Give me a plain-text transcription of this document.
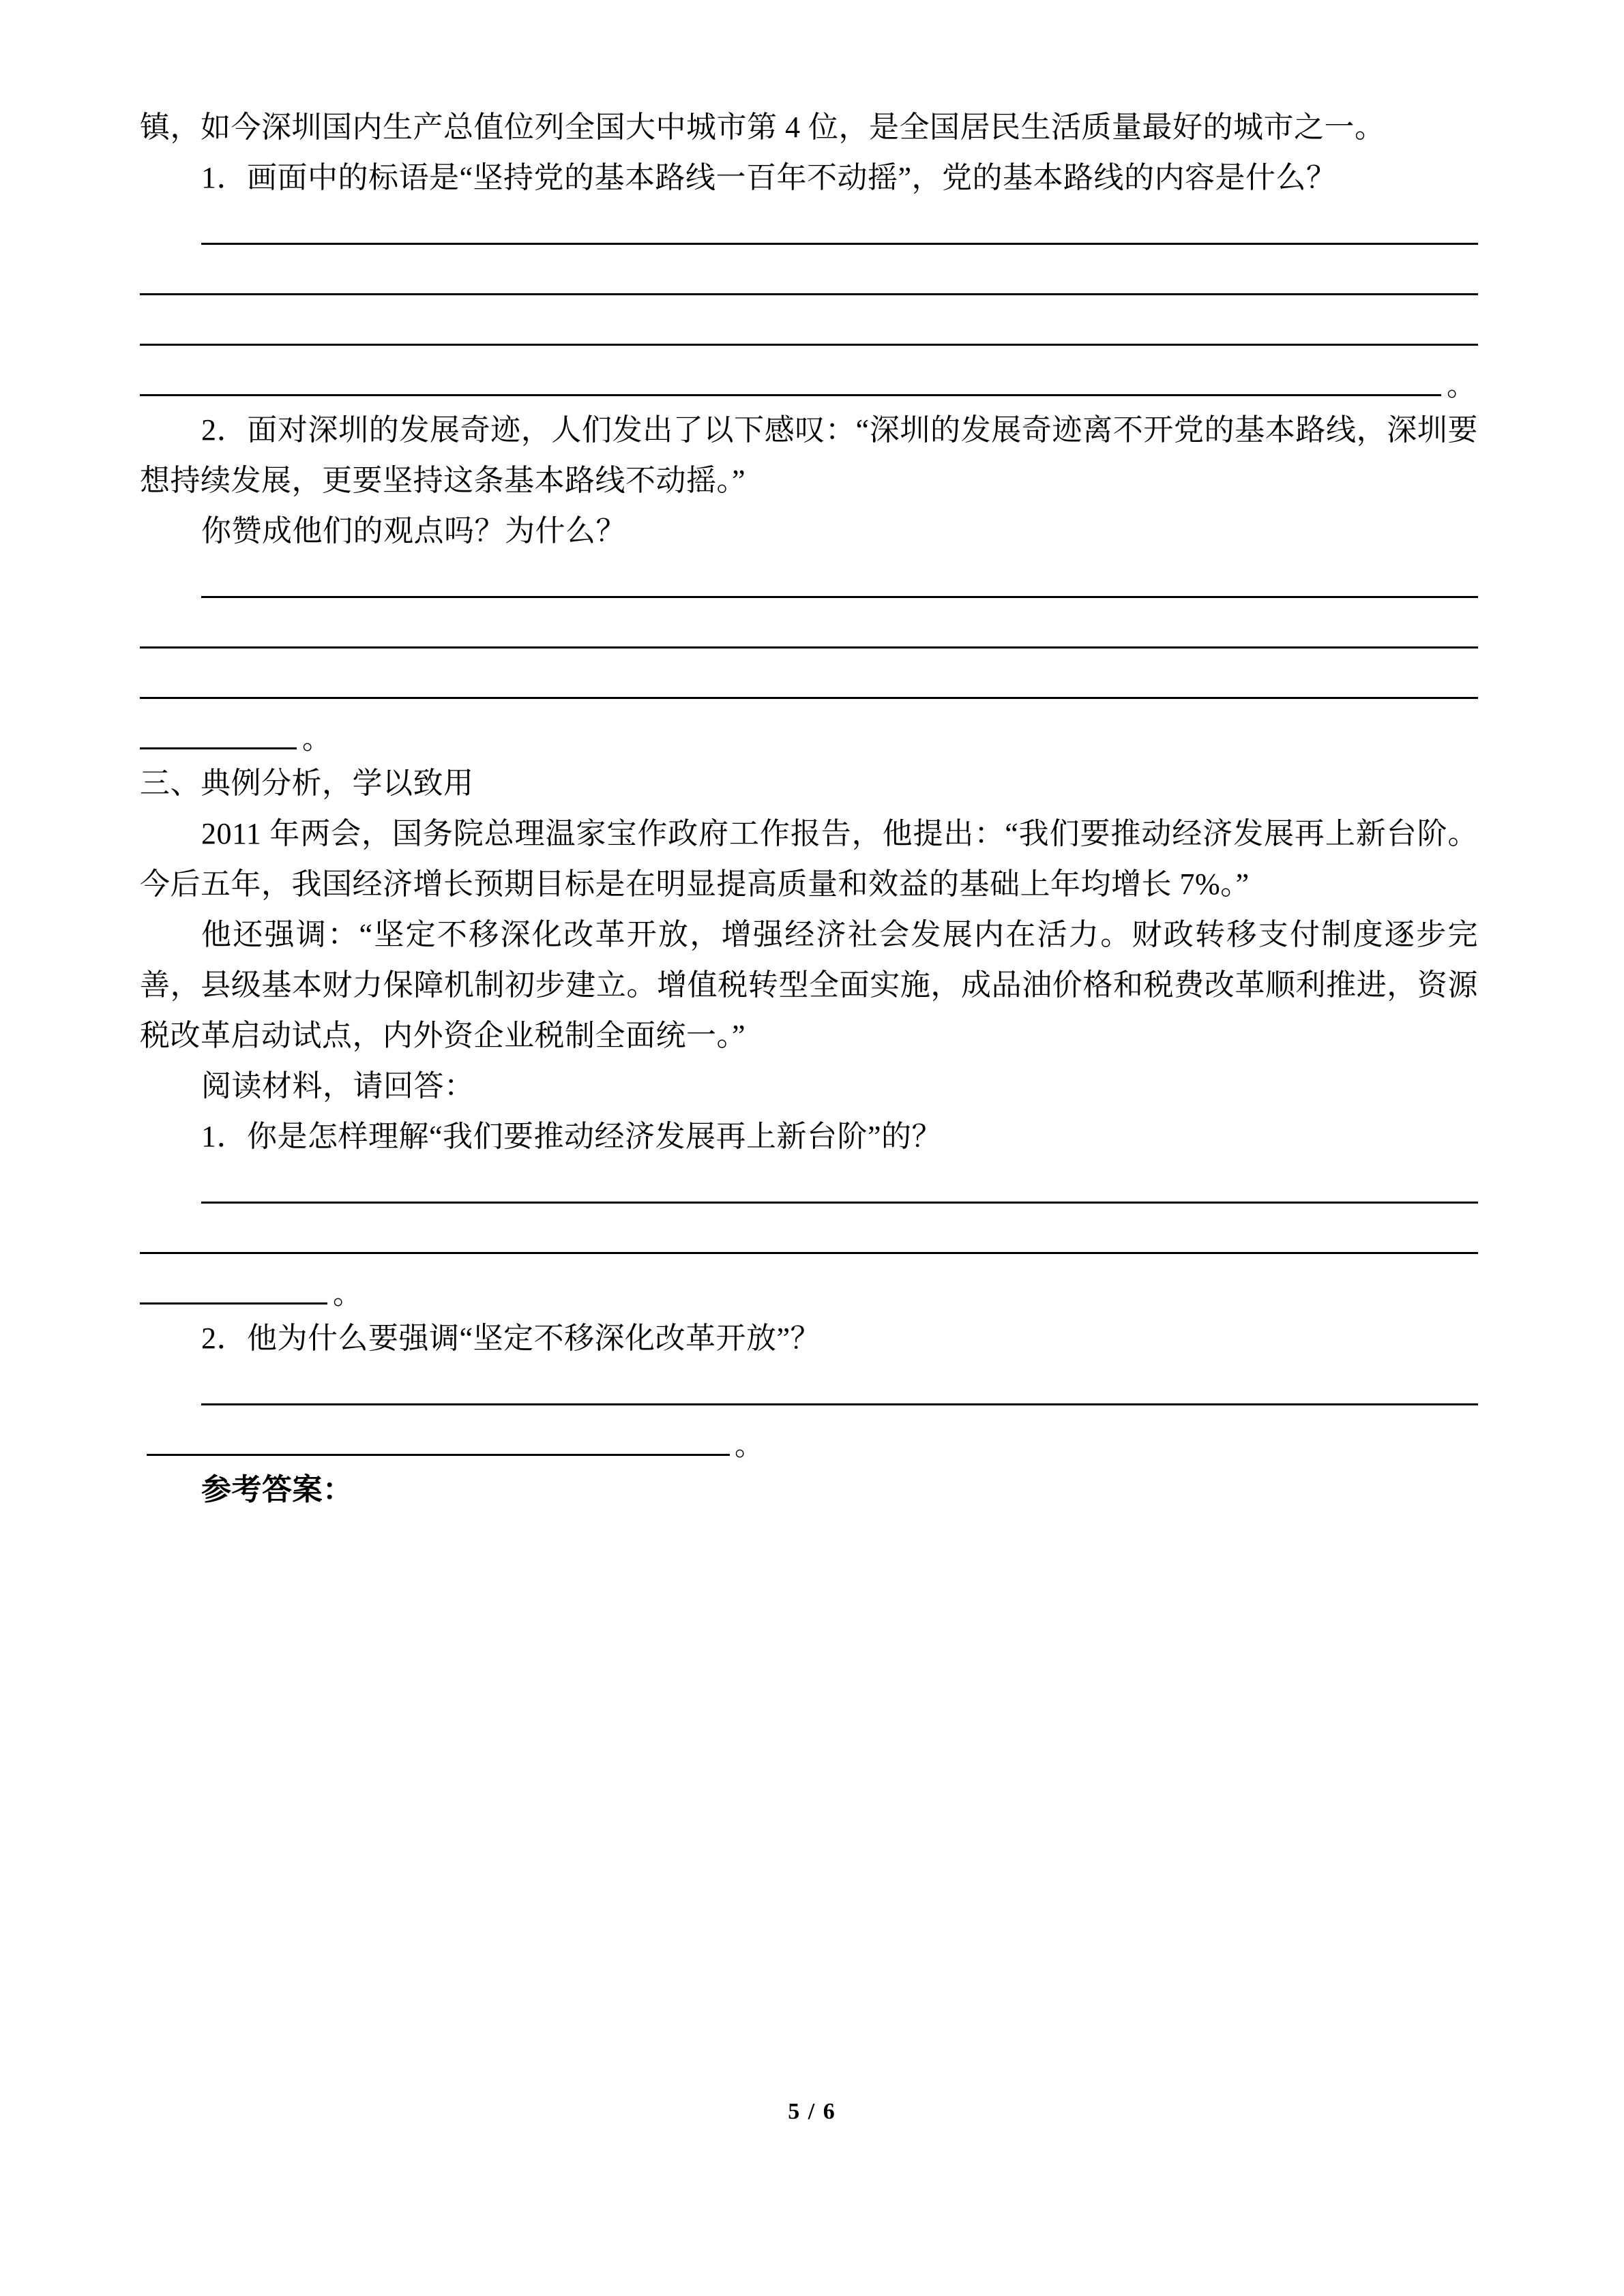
镇，如今深圳国内生产总值位列全国大中城市第 4 位，是全国居民生活质量最好的城市之一。

1．画面中的标语是“坚持党的基本路线一百年不动摇”，党的基本路线的内容是什么？

。

2．面对深圳的发展奇迹，人们发出了以下感叹：“深圳的发展奇迹离不开党的基本路线，深圳要想持续发展，更要坚持这条基本路线不动摇。”

你赞成他们的观点吗？为什么？

。

三、典例分析，学以致用

2011 年两会，国务院总理温家宝作政府工作报告，他提出：“我们要推动经济发展再上新台阶。今后五年，我国经济增长预期目标是在明显提高质量和效益的基础上年均增长 7%。”

他还强调：“坚定不移深化改革开放，增强经济社会发展内在活力。财政转移支付制度逐步完善，县级基本财力保障机制初步建立。增值税转型全面实施，成品油价格和税费改革顺利推进，资源税改革启动试点，内外资企业税制全面统一。”

阅读材料，请回答：

1．你是怎样理解“我们要推动经济发展再上新台阶”的？

。

2．他为什么要强调“坚定不移深化改革开放”？

。

参考答案：

5 / 6
